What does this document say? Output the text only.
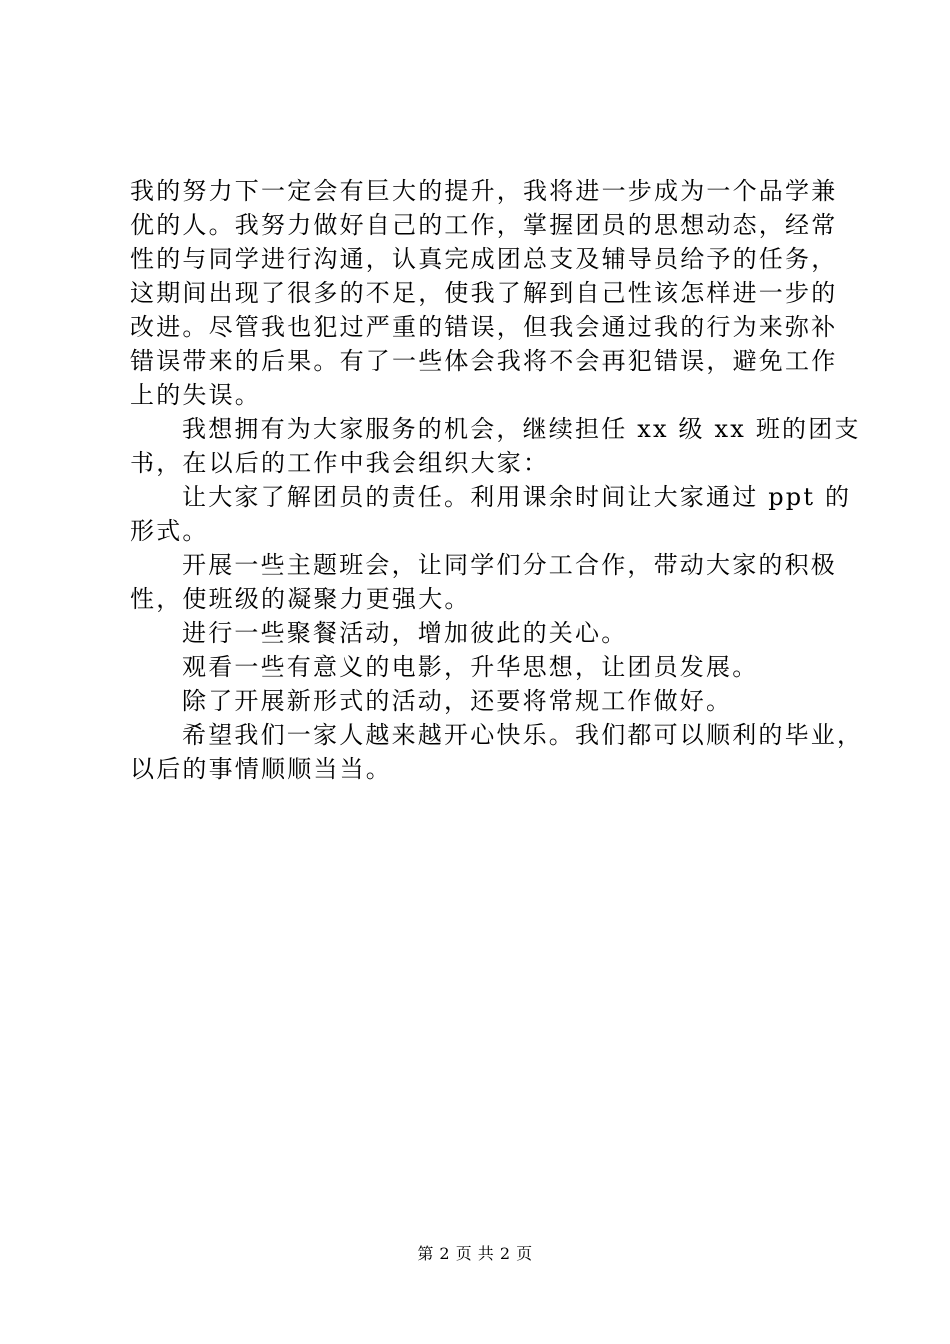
我的努力下一定会有巨大的提升，我将进一步成为一个品学兼
优的人。我努力做好自己的工作，掌握团员的思想动态，经常
性的与同学进行沟通，认真完成团总支及辅导员给予的任务，
这期间出现了很多的不足，使我了解到自己性该怎样进一步的
改进。尽管我也犯过严重的错误，但我会通过我的行为来弥补
错误带来的后果。有了一些体会我将不会再犯错误，避免工作
上的失误。
我想拥有为大家服务的机会，继续担任 xx 级 xx 班的团支
书，在以后的工作中我会组织大家：
让大家了解团员的责任。利用课余时间让大家通过 ppt 的
形式。
开展一些主题班会，让同学们分工合作，带动大家的积极
性，使班级的凝聚力更强大。
进行一些聚餐活动，增加彼此的关心。
观看一些有意义的电影，升华思想，让团员发展。
除了开展新形式的活动，还要将常规工作做好。
希望我们一家人越来越开心快乐。我们都可以顺利的毕业，
以后的事情顺顺当当。
第 2 页 共 2 页
